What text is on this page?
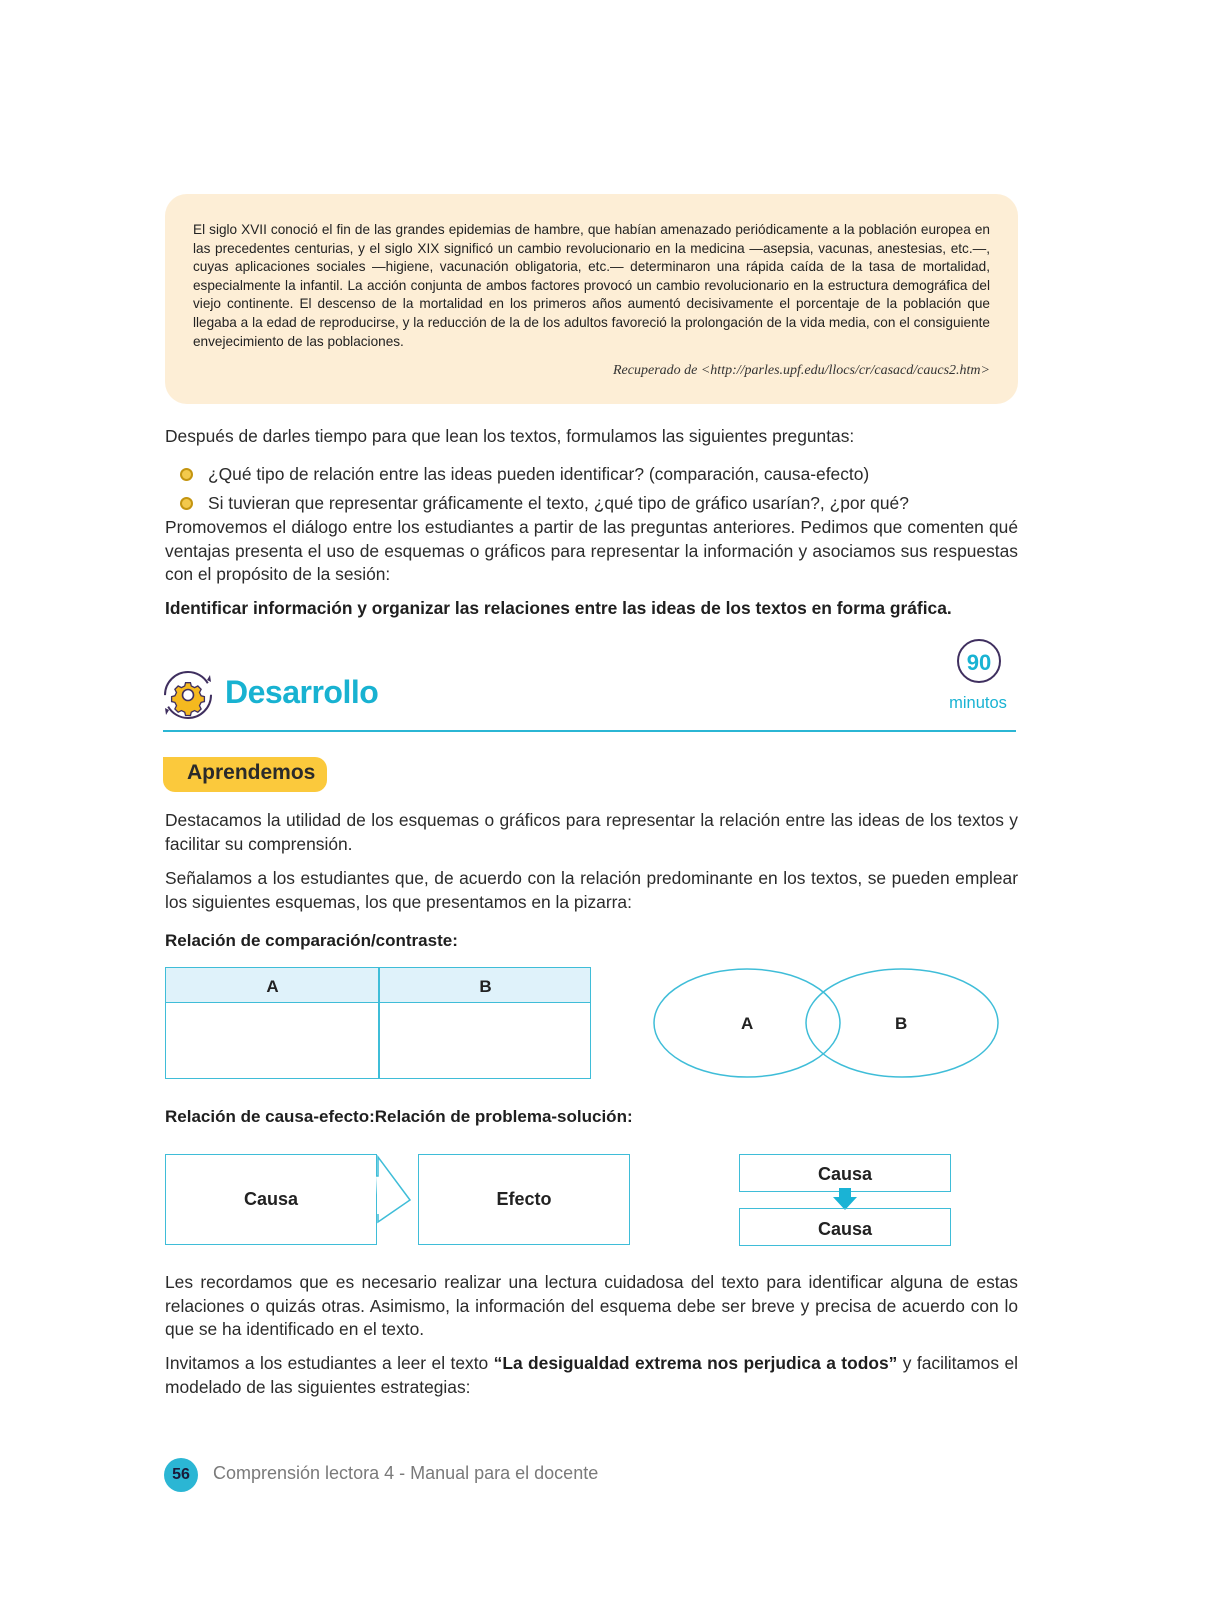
El siglo XVII conoció el fin de las grandes epidemias de hambre, que habían amenazado periódicamente a la población europea en las precedentes centurias, y el siglo XIX significó un cambio revolucionario en la medicina —asepsia, vacunas, anestesias, etc.—, cuyas aplicaciones sociales —higiene, vacunación obligatoria, etc.— determinaron una rápida caída de la tasa de mortalidad, especialmente la infantil. La acción conjunta de ambos factores provocó un cambio revolucionario en la estructura demográfica del viejo continente. El descenso de la mortalidad en los primeros años aumentó decisivamente el porcentaje de la población que llegaba a la edad de reproducirse, y la reducción de la de los adultos favoreció la prolongación de la vida media, con el consiguiente envejecimiento de las poblaciones.

Recuperado de <http://parles.upf.edu/llocs/cr/casacd/caucs2.htm>

Después de darles tiempo para que lean los textos, formulamos las siguientes preguntas:

¿Qué tipo de relación entre las ideas pueden identificar? (comparación, causa-efecto)
Si tuvieran que representar gráficamente el texto, ¿qué tipo de gráfico usarían?, ¿por qué?

Promovemos el diálogo entre los estudiantes a partir de las preguntas anteriores. Pedimos que comenten qué ventajas presenta el uso de esquemas o gráficos para representar la información y asociamos sus respuestas con el propósito de la sesión:

Identificar información y organizar las relaciones entre las ideas de los textos en forma gráfica.

Desarrollo
90
minutos
Aprendemos

Destacamos la utilidad de los esquemas o gráficos para representar la relación entre las ideas de los textos y facilitar su comprensión.

Señalamos a los estudiantes que, de acuerdo con la relación predominante en los textos, se pueden emplear los siguientes esquemas, los que presentamos en la pizarra:

Relación de comparación/contraste:

A	B
A	B

Relación de causa-efecto:Relación de problema-solución:

Causa	Efecto
Causa
Causa

Les recordamos que es necesario realizar una lectura cuidadosa del texto para identificar alguna de estas relaciones o quizás otras. Asimismo, la información del esquema debe ser breve y precisa de acuerdo con lo que se ha identificado en el texto.

Invitamos a los estudiantes a leer el texto “La desigualdad extrema nos perjudica a todos” y facilitamos el modelado de las siguientes estrategias:

56	Comprensión lectora 4 - Manual para el docente
